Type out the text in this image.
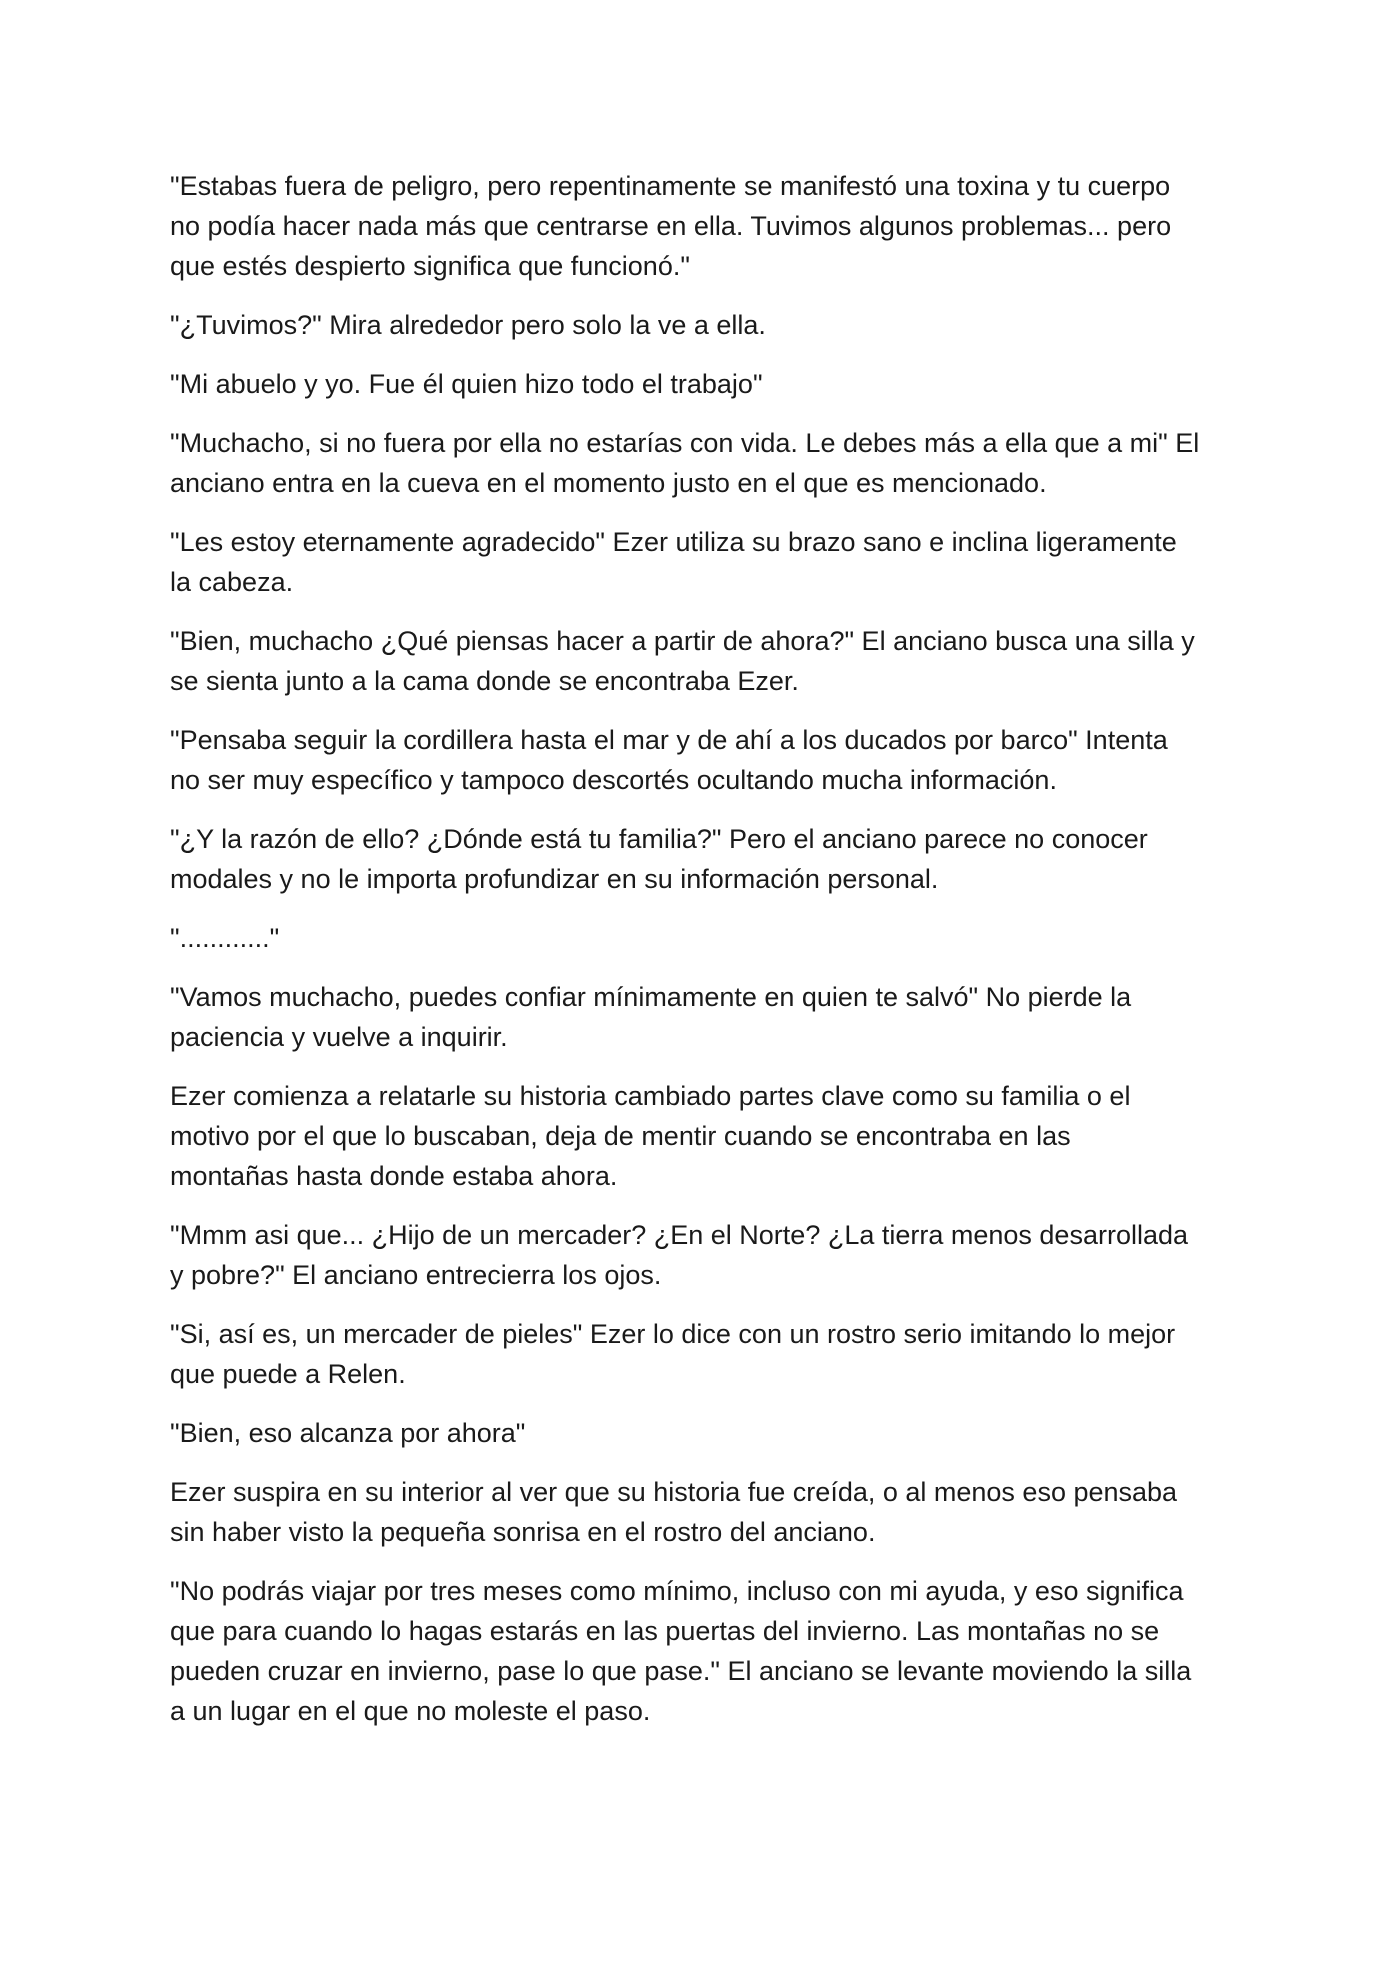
"Estabas fuera de peligro, pero repentinamente se manifestó una toxina y tu cuerpo
no podía hacer nada más que centrarse en ella. Tuvimos algunos problemas... pero
que estés despierto significa que funcionó."

"¿Tuvimos?" Mira alrededor pero solo la ve a ella.

"Mi abuelo y yo. Fue él quien hizo todo el trabajo"

"Muchacho, si no fuera por ella no estarías con vida. Le debes más a ella que a mi" El
anciano entra en la cueva en el momento justo en el que es mencionado.

"Les estoy eternamente agradecido" Ezer utiliza su brazo sano e inclina ligeramente
la cabeza.

"Bien, muchacho ¿Qué piensas hacer a partir de ahora?" El anciano busca una silla y
se sienta junto a la cama donde se encontraba Ezer.

"Pensaba seguir la cordillera hasta el mar y de ahí a los ducados por barco" Intenta
no ser muy específico y tampoco descortés ocultando mucha información.

"¿Y la razón de ello? ¿Dónde está tu familia?" Pero el anciano parece no conocer
modales y no le importa profundizar en su información personal.

"............"

"Vamos muchacho, puedes confiar mínimamente en quien te salvó" No pierde la
paciencia y vuelve a inquirir.

Ezer comienza a relatarle su historia cambiado partes clave como su familia o el
motivo por el que lo buscaban, deja de mentir cuando se encontraba en las
montañas hasta donde estaba ahora.

"Mmm asi que... ¿Hijo de un mercader? ¿En el Norte? ¿La tierra menos desarrollada
y pobre?" El anciano entrecierra los ojos.

"Si, así es, un mercader de pieles" Ezer lo dice con un rostro serio imitando lo mejor
que puede a Relen.

"Bien, eso alcanza por ahora"

Ezer suspira en su interior al ver que su historia fue creída, o al menos eso pensaba
sin haber visto la pequeña sonrisa en el rostro del anciano.

"No podrás viajar por tres meses como mínimo, incluso con mi ayuda, y eso significa
que para cuando lo hagas estarás en las puertas del invierno. Las montañas no se
pueden cruzar en invierno, pase lo que pase." El anciano se levante moviendo la silla
a un lugar en el que no moleste el paso.
